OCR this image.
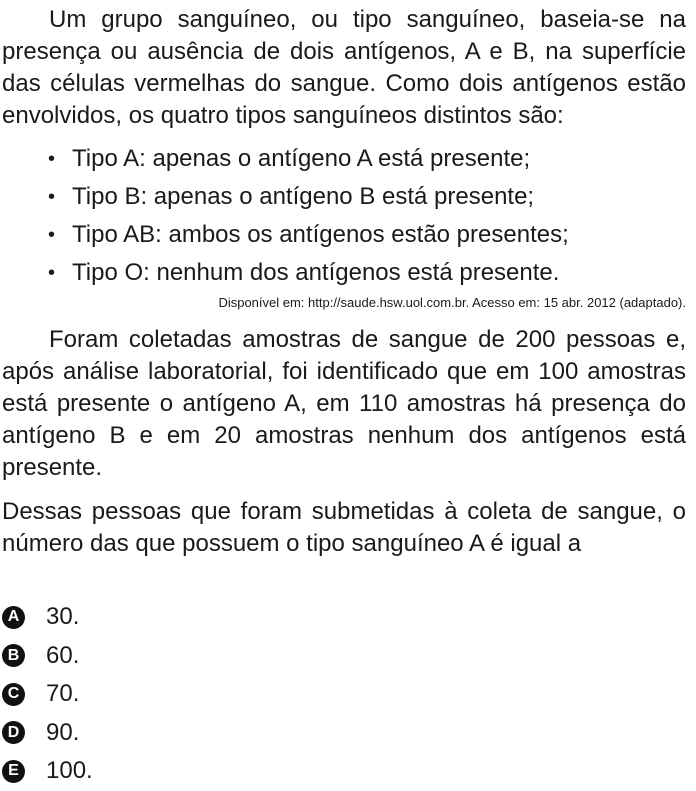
Um grupo sanguíneo, ou tipo sanguíneo, baseia-se na presença ou ausência de dois antígenos, A e B, na superfície das células vermelhas do sangue. Como dois antígenos estão envolvidos, os quatro tipos sanguíneos distintos são:

• Tipo A: apenas o antígeno A está presente;
• Tipo B: apenas o antígeno B está presente;
• Tipo AB: ambos os antígenos estão presentes;
• Tipo O: nenhum dos antígenos está presente.
Disponível em: http://saude.hsw.uol.com.br. Acesso em: 15 abr. 2012 (adaptado).

Foram coletadas amostras de sangue de 200 pessoas e, após análise laboratorial, foi identificado que em 100 amostras está presente o antígeno A, em 110 amostras há presença do antígeno B e em 20 amostras nenhum dos antígenos está presente.

Dessas pessoas que foram submetidas à coleta de sangue, o número das que possuem o tipo sanguíneo A é igual a

A 30.
B 60.
C 70.
D 90.
E 100.
